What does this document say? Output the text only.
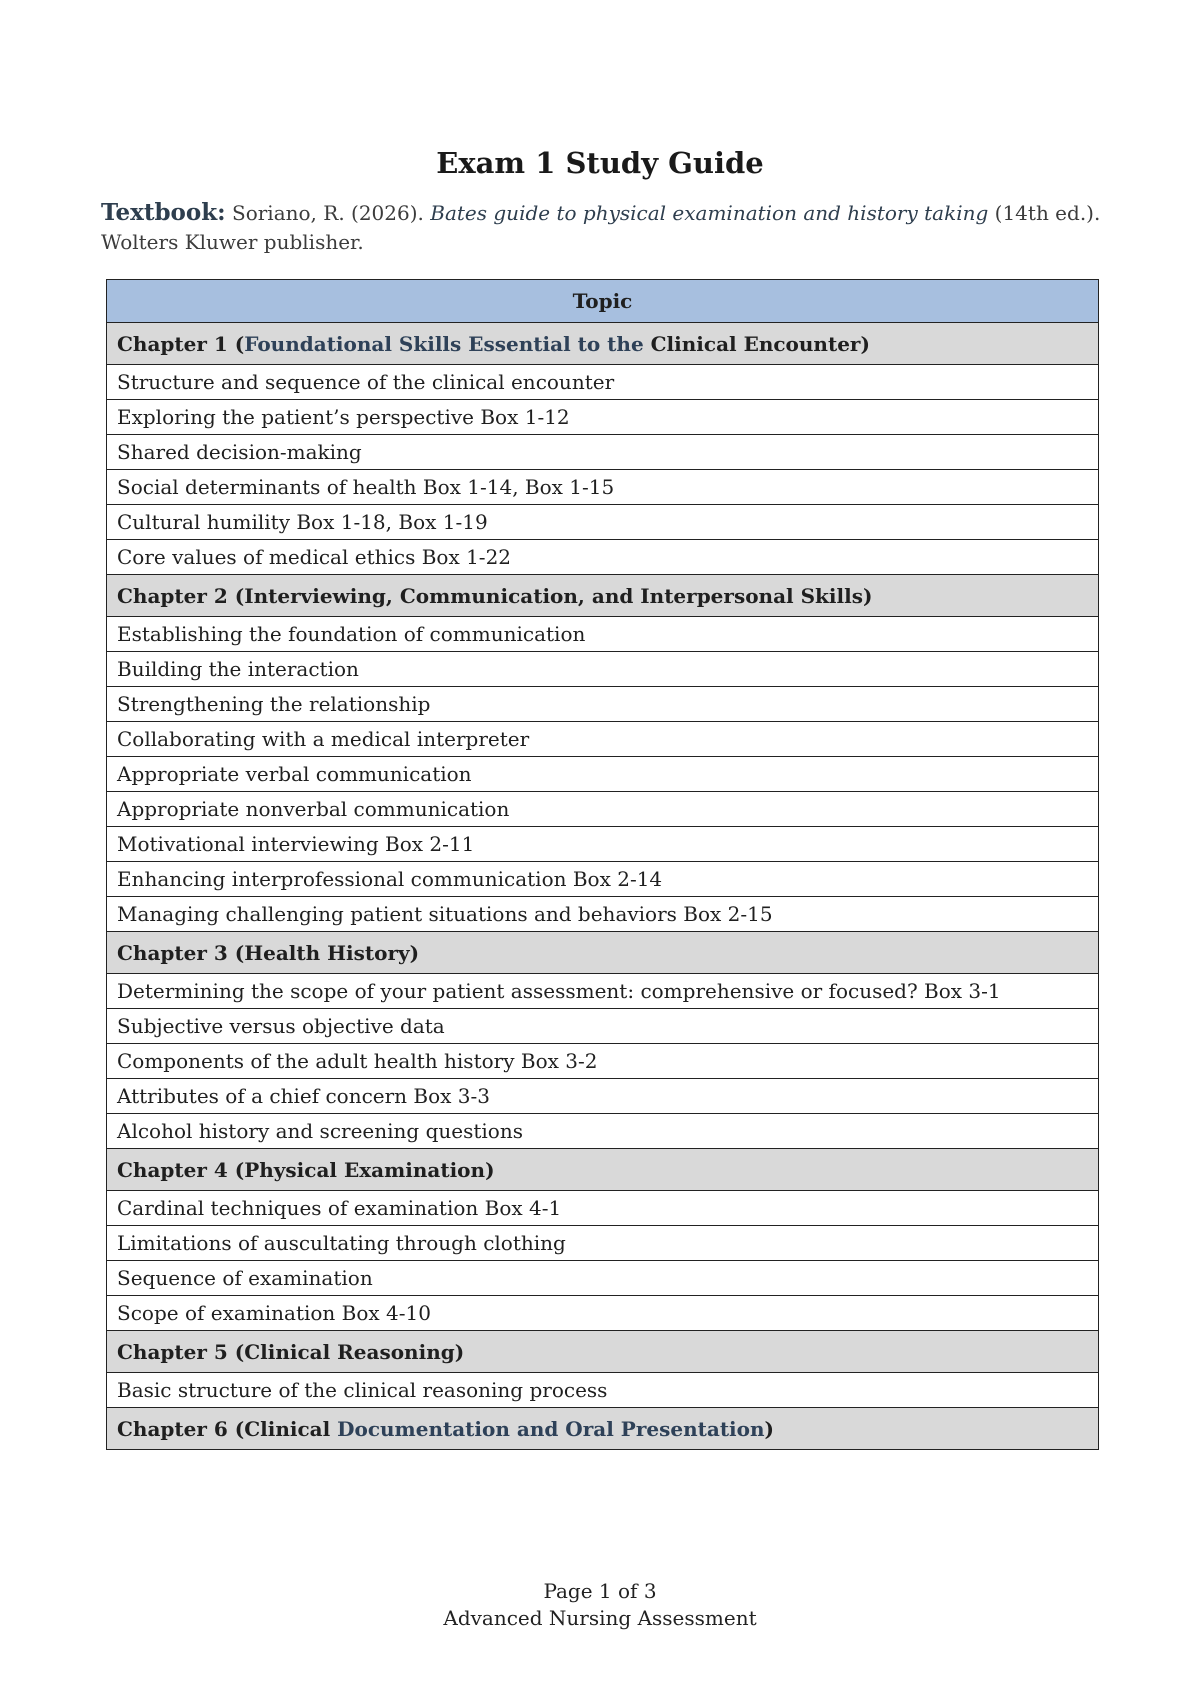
Exam 1 Study Guide
Textbook: Soriano, R. (2026). Bates guide to physical examination and history taking (14th ed.).
Wolters Kluwer publisher.
Topic
Chapter 1 (Foundational Skills Essential to the Clinical Encounter)
Structure and sequence of the clinical encounter
Exploring the patient’s perspective Box 1-12
Shared decision-making
Social determinants of health Box 1-14, Box 1-15
Cultural humility Box 1-18, Box 1-19
Core values of medical ethics Box 1-22
Chapter 2 (Interviewing, Communication, and Interpersonal Skills)
Establishing the foundation of communication
Building the interaction
Strengthening the relationship
Collaborating with a medical interpreter
Appropriate verbal communication
Appropriate nonverbal communication
Motivational interviewing Box 2-11
Enhancing interprofessional communication Box 2-14
Managing challenging patient situations and behaviors Box 2-15
Chapter 3 (Health History)
Determining the scope of your patient assessment: comprehensive or focused? Box 3-1
Subjective versus objective data
Components of the adult health history Box 3-2
Attributes of a chief concern Box 3-3
Alcohol history and screening questions
Chapter 4 (Physical Examination)
Cardinal techniques of examination Box 4-1
Limitations of auscultating through clothing
Sequence of examination
Scope of examination Box 4-10
Chapter 5 (Clinical Reasoning)
Basic structure of the clinical reasoning process
Chapter 6 (Clinical Documentation and Oral Presentation)
Page 1 of 3
Advanced Nursing Assessment
